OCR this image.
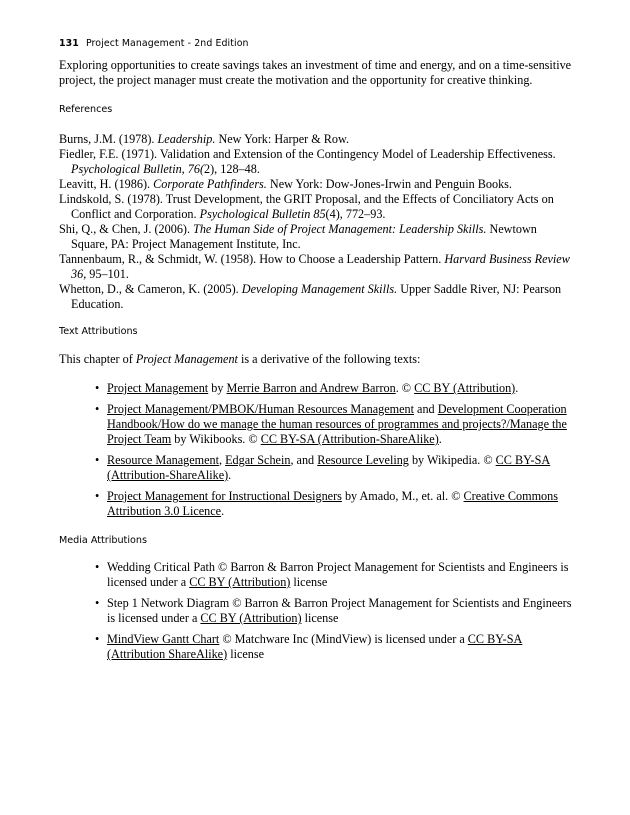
131 Project Management - 2nd Edition

Exploring opportunities to create savings takes an investment of time and energy, and on a time-sensitive project, the project manager must create the motivation and the opportunity for creative thinking.

References
Burns, J.M. (1978). Leadership. New York: Harper & Row.
Fiedler, F.E. (1971). Validation and Extension of the Contingency Model of Leadership Effectiveness. Psychological Bulletin, 76(2), 128–48.
Leavitt, H. (1986). Corporate Pathfinders. New York: Dow-Jones-Irwin and Penguin Books.
Lindskold, S. (1978). Trust Development, the GRIT Proposal, and the Effects of Conciliatory Acts on Conflict and Corporation. Psychological Bulletin 85(4), 772–93.
Shi, Q., & Chen, J. (2006). The Human Side of Project Management: Leadership Skills. Newtown Square, PA: Project Management Institute, Inc.
Tannenbaum, R., & Schmidt, W. (1958). How to Choose a Leadership Pattern. Harvard Business Review 36, 95–101.
Whetton, D., & Cameron, K. (2005). Developing Management Skills. Upper Saddle River, NJ: Pearson Education.
Text Attributions

This chapter of Project Management is a derivative of the following texts:

• Project Management by Merrie Barron and Andrew Barron. © CC BY (Attribution).
• Project Management/PMBOK/Human Resources Management and Development Cooperation Handbook/How do we manage the human resources of programmes and projects?/Manage the Project Team by Wikibooks. © CC BY-SA (Attribution-ShareAlike).
• Resource Management, Edgar Schein, and Resource Leveling by Wikipedia. © CC BY-SA (Attribution-ShareAlike).
• Project Management for Instructional Designers by Amado, M., et. al. © Creative Commons Attribution 3.0 Licence.
Media Attributions
• Wedding Critical Path © Barron & Barron Project Management for Scientists and Engineers is licensed under a CC BY (Attribution) license
• Step 1 Network Diagram © Barron & Barron Project Management for Scientists and Engineers is licensed under a CC BY (Attribution) license
• MindView Gantt Chart © Matchware Inc (MindView) is licensed under a CC BY-SA (Attribution ShareAlike) license
